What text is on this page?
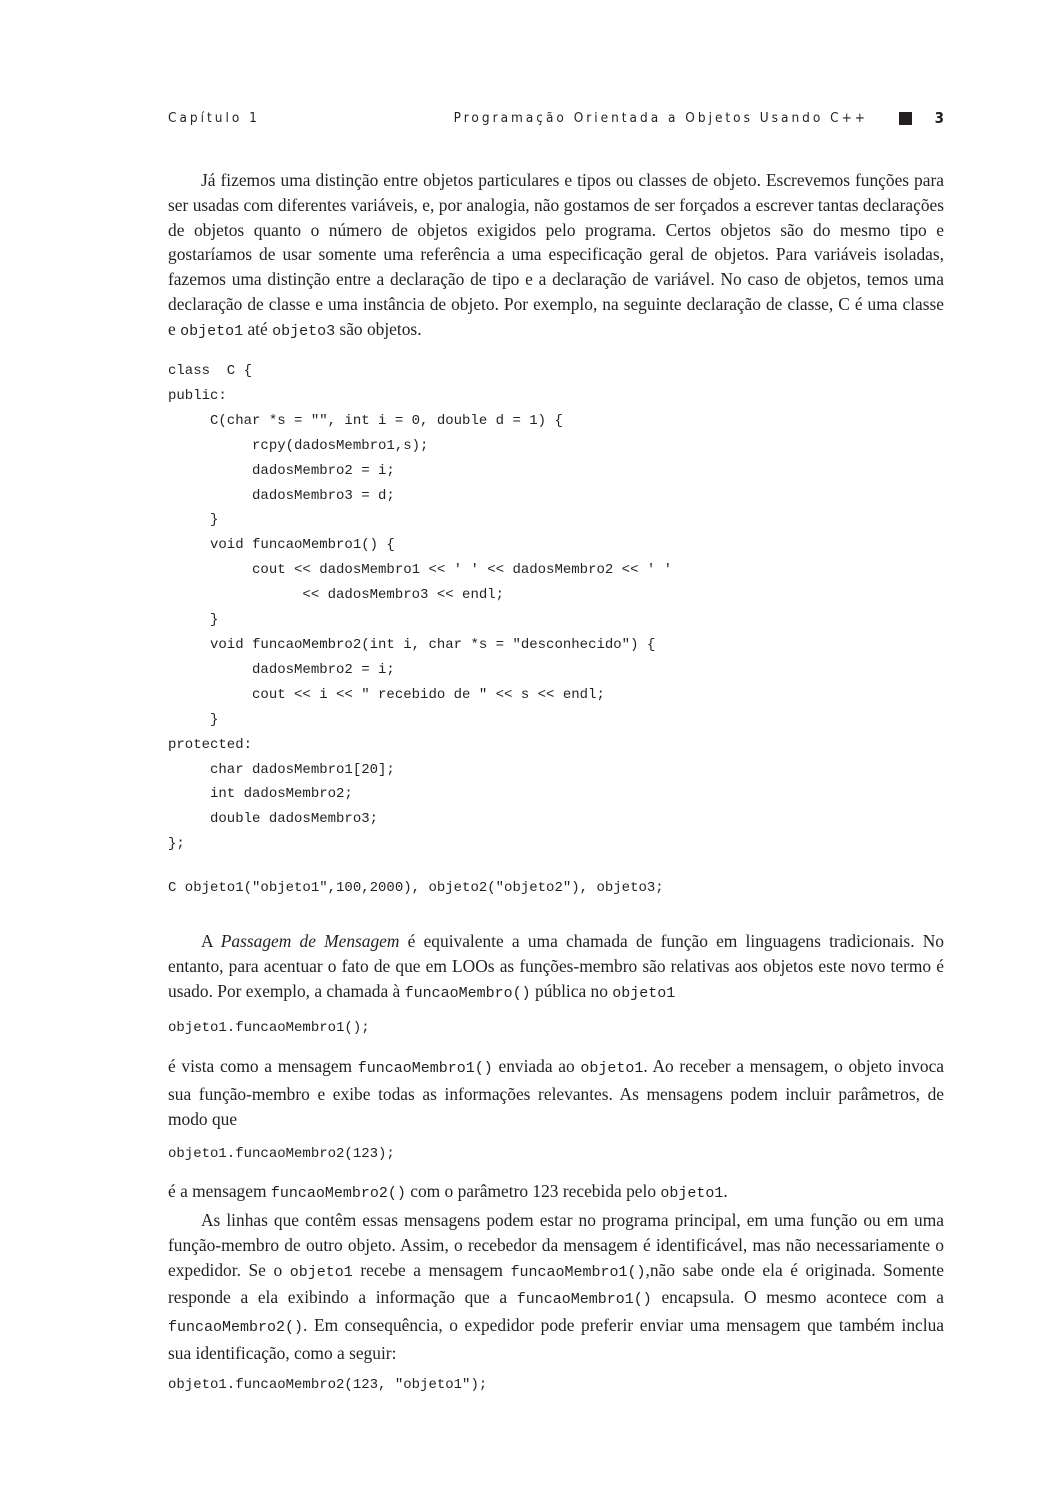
Capítulo 1	Programação Orientada a Objetos Usando C++	3

Já fizemos uma distinção entre objetos particulares e tipos ou classes de objeto. Escrevemos funções para ser usadas com diferentes variáveis, e, por analogia, não gostamos de ser forçados a escrever tantas declarações de objetos quanto o número de objetos exigidos pelo programa. Certos objetos são do mesmo tipo e gostaríamos de usar somente uma referência a uma especificação geral de objetos. Para variáveis isoladas, fazemos uma distinção entre a declaração de tipo e a declaração de variável. No caso de objetos, temos uma declaração de classe e uma instância de objeto. Por exemplo, na seguinte declaração de classe, C é uma classe e objeto1 até objeto3 são objetos.

class  C {
public:
C(char *s = "", int i = 0, double d = 1) {
rcpy(dadosMembro1,s);
dadosMembro2 = i;
dadosMembro3 = d;
}
void funcaoMembro1() {
cout << dadosMembro1 << ' ' << dadosMembro2 << ' '
<< dadosMembro3 << endl;
}
void funcaoMembro2(int i, char *s = "desconhecido") {
dadosMembro2 = i;
cout << i << " recebido de " << s << endl;
}
protected:
char dadosMembro1[20];
int dadosMembro2;
double dadosMembro3;
};
C objeto1("objeto1",100,2000), objeto2("objeto2"), objeto3;

A Passagem de Mensagem é equivalente a uma chamada de função em linguagens tradicionais. No entanto, para acentuar o fato de que em LOOs as funções-membro são relativas aos objetos este novo termo é usado. Por exemplo, a chamada à funcaoMembro() pública no objeto1

objeto1.funcaoMembro1();

é vista como a mensagem funcaoMembro1() enviada ao objeto1. Ao receber a mensagem, o objeto invoca sua função-membro e exibe todas as informações relevantes. As mensagens podem incluir parâmetros, de modo que

objeto1.funcaoMembro2(123);

é a mensagem funcaoMembro2() com o parâmetro 123 recebida pelo objeto1.

As linhas que contêm essas mensagens podem estar no programa principal, em uma função ou em uma função-membro de outro objeto. Assim, o recebedor da mensagem é identificável, mas não necessariamente o expedidor. Se o objeto1 recebe a mensagem funcaoMembro1(),não sabe onde ela é originada. Somente responde a ela exibindo a informação que a funcaoMembro1() encapsula. O mesmo acontece com a funcaoMembro2(). Em consequência, o expedidor pode preferir enviar uma mensagem que também inclua sua identificação, como a seguir:

objeto1.funcaoMembro2(123, "objeto1");
